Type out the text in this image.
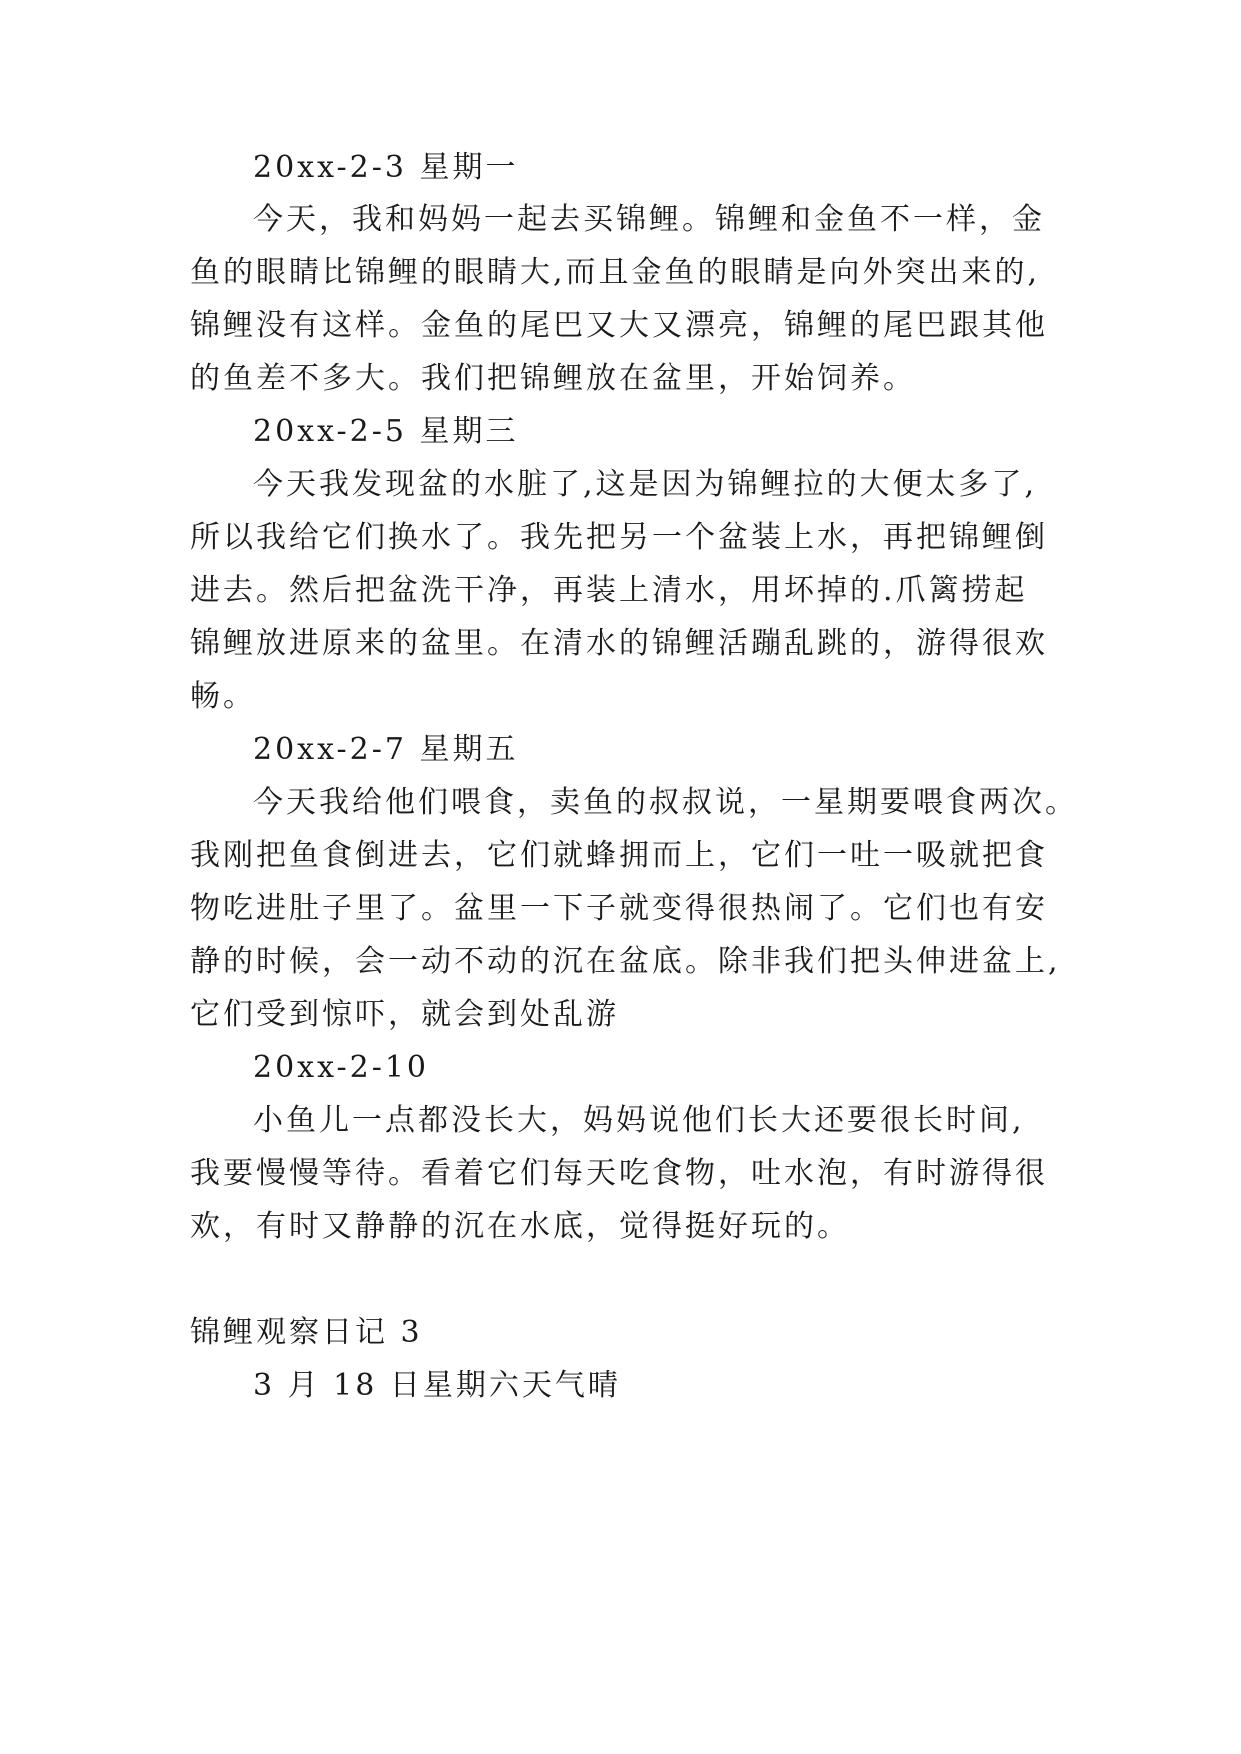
20xx-2-3 星期一
今天，我和妈妈一起去买锦鲤。锦鲤和金鱼不一样，金
鱼的眼睛比锦鲤的眼睛大,而且金鱼的眼睛是向外突出来的,
锦鲤没有这样。金鱼的尾巴又大又漂亮，锦鲤的尾巴跟其他
的鱼差不多大。我们把锦鲤放在盆里，开始饲养。
20xx-2-5 星期三
今天我发现盆的水脏了,这是因为锦鲤拉的大便太多了,
所以我给它们换水了。我先把另一个盆装上水，再把锦鲤倒
进去。然后把盆洗干净，再装上清水，用坏掉的.爪篱捞起
锦鲤放进原来的盆里。在清水的锦鲤活蹦乱跳的，游得很欢
畅。
20xx-2-7 星期五
今天我给他们喂食，卖鱼的叔叔说，一星期要喂食两次。
我刚把鱼食倒进去，它们就蜂拥而上，它们一吐一吸就把食
物吃进肚子里了。盆里一下子就变得很热闹了。它们也有安
静的时候，会一动不动的沉在盆底。除非我们把头伸进盆上,
它们受到惊吓，就会到处乱游
20xx-2-10
小鱼儿一点都没长大，妈妈说他们长大还要很长时间,
我要慢慢等待。看着它们每天吃食物，吐水泡，有时游得很
欢，有时又静静的沉在水底，觉得挺好玩的。
锦鲤观察日记 3
3 月 18 日星期六天气晴
